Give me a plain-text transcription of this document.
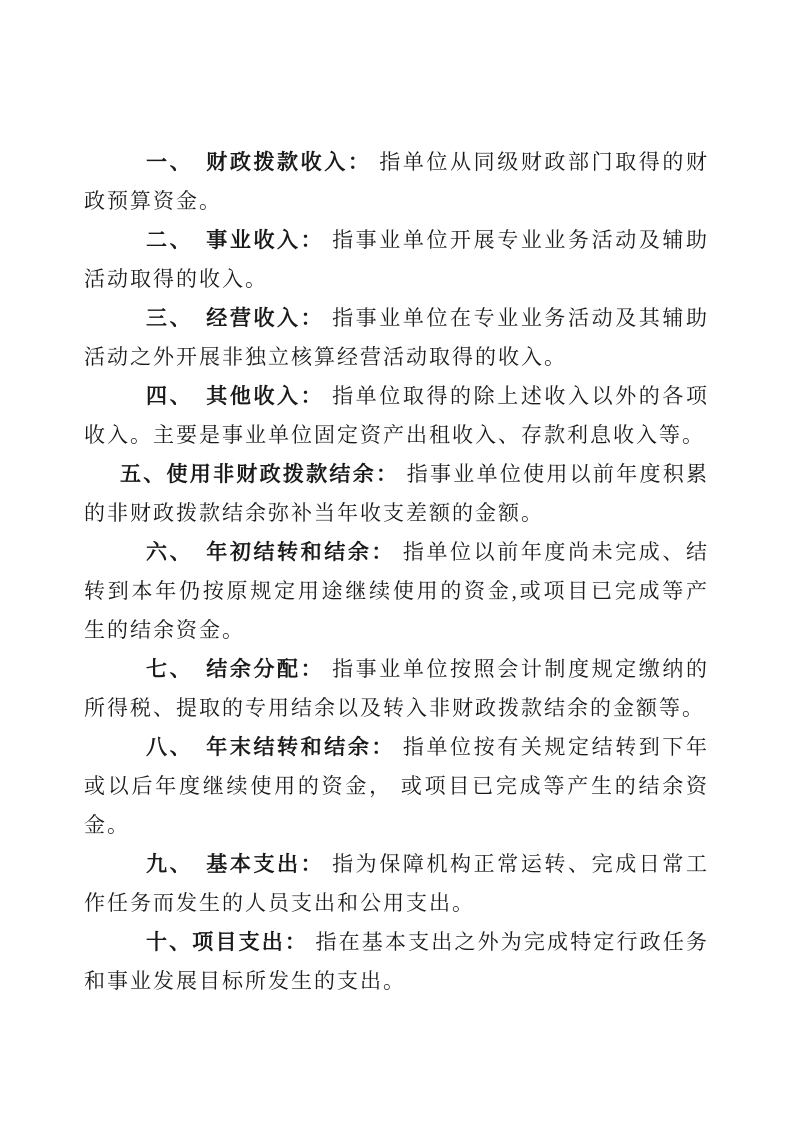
一、　财政拨款收入： 指单位从同级财政部门取得的财政预算资金。

二、　事业收入： 指事业单位开展专业业务活动及辅助活动取得的收入。

三、　经营收入： 指事业单位在专业业务活动及其辅助活动之外开展非独立核算经营活动取得的收入。

四、　其他收入： 指单位取得的除上述收入以外的各项收入。主要是事业单位固定资产出租收入、存款利息收入等。

五、使用非财政拨款结余： 指事业单位使用以前年度积累的非财政拨款结余弥补当年收支差额的金额。

六、　年初结转和结余： 指单位以前年度尚未完成、结转到本年仍按原规定用途继续使用的资金,或项目已完成等产生的结余资金。

七、　结余分配： 指事业单位按照会计制度规定缴纳的所得税、提取的专用结余以及转入非财政拨款结余的金额等。

八、　年末结转和结余： 指单位按有关规定结转到下年或以后年度继续使用的资金， 或项目已完成等产生的结余资金。

九、　基本支出： 指为保障机构正常运转、完成日常工作任务而发生的人员支出和公用支出。

十、项目支出： 指在基本支出之外为完成特定行政任务和事业发展目标所发生的支出。
